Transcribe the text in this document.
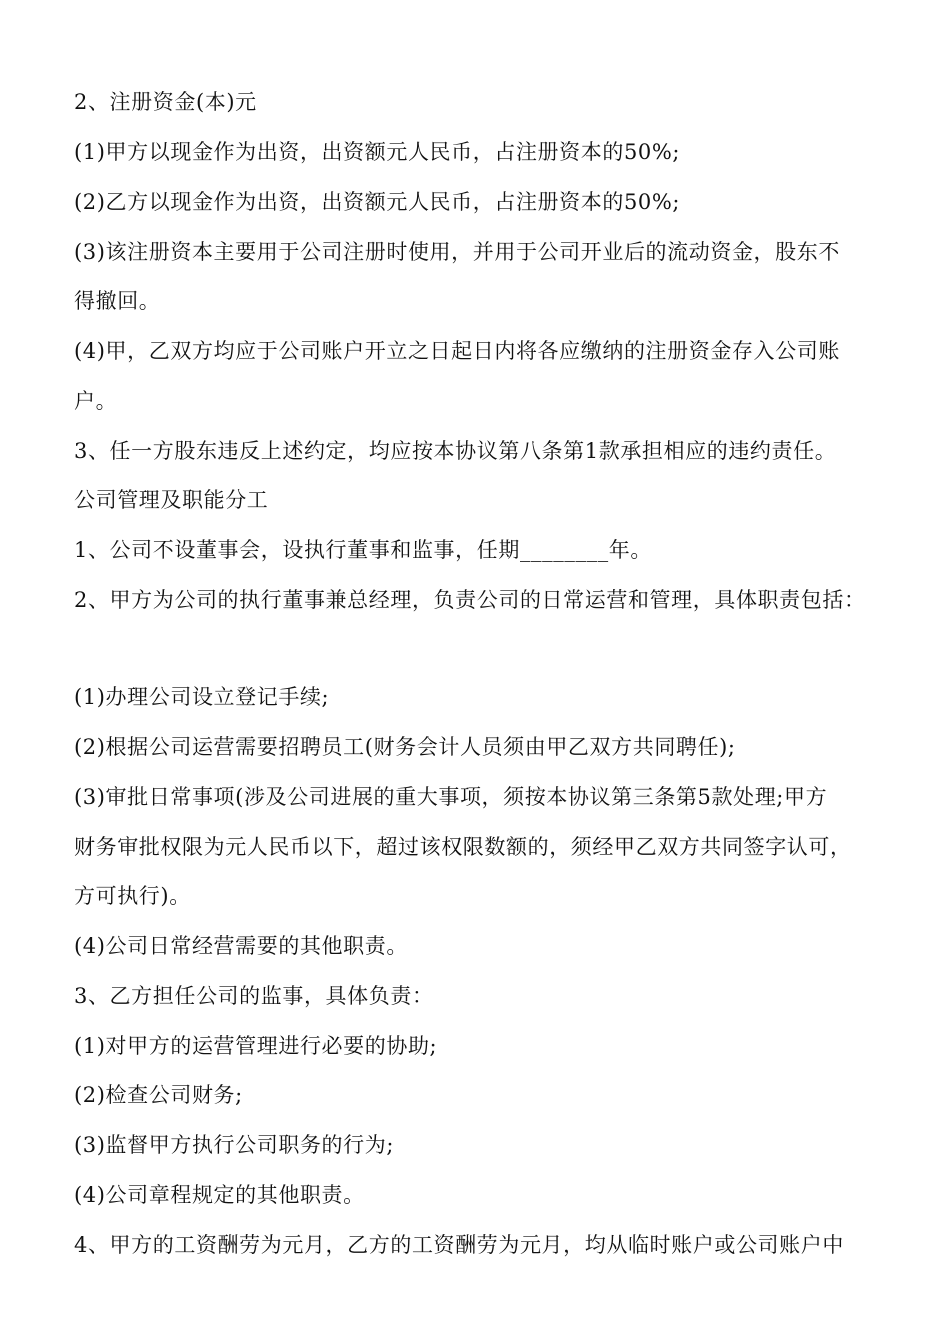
2、注册资金(本)元
(1)甲方以现金作为出资，出资额元人民币，占注册资本的50%;
(2)乙方以现金作为出资，出资额元人民币，占注册资本的50%;
(3)该注册资本主要用于公司注册时使用，并用于公司开业后的流动资金，股东不
得撤回。
(4)甲，乙双方均应于公司账户开立之日起日内将各应缴纳的注册资金存入公司账
户。
3、任一方股东违反上述约定，均应按本协议第八条第1款承担相应的违约责任。
公司管理及职能分工
1、公司不设董事会，设执行董事和监事，任期________年。
2、甲方为公司的执行董事兼总经理，负责公司的日常运营和管理，具体职责包括：
(1)办理公司设立登记手续;
(2)根据公司运营需要招聘员工(财务会计人员须由甲乙双方共同聘任);
(3)审批日常事项(涉及公司进展的重大事项，须按本协议第三条第5款处理;甲方
财务审批权限为元人民币以下，超过该权限数额的，须经甲乙双方共同签字认可，
方可执行)。
(4)公司日常经营需要的其他职责。
3、乙方担任公司的监事，具体负责：
(1)对甲方的运营管理进行必要的协助;
(2)检查公司财务;
(3)监督甲方执行公司职务的行为;
(4)公司章程规定的其他职责。
4、甲方的工资酬劳为元月，乙方的工资酬劳为元月，均从临时账户或公司账户中
